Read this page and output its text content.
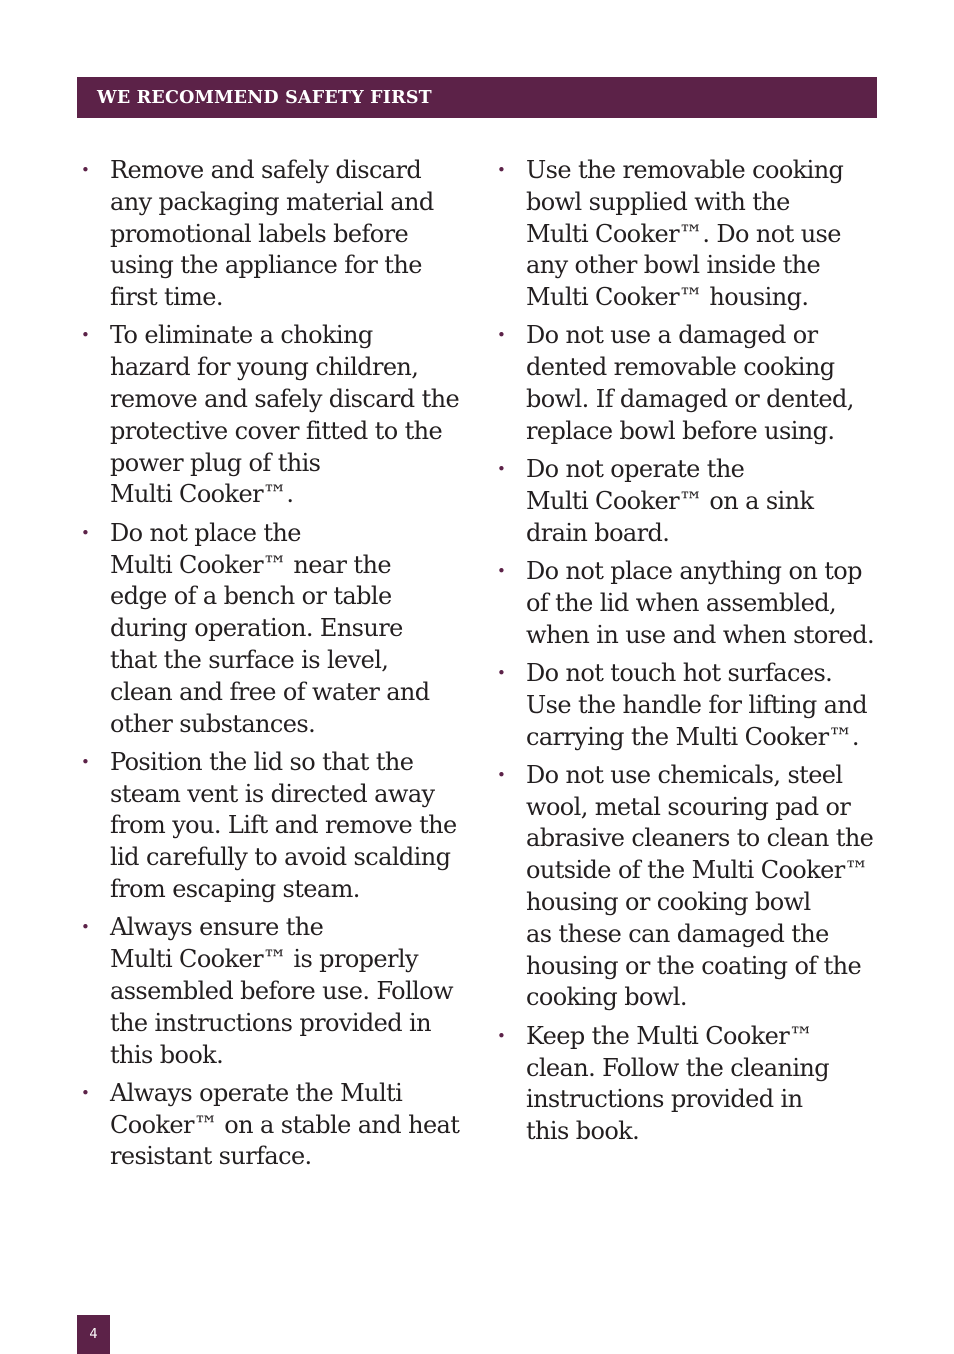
WE RECOMMEND SAFETY FIRST
• Remove and safely discard
any packaging material and
promotional labels before
using the appliance for the
first time.
• To eliminate a choking
hazard for young children,
remove and safely discard the
protective cover fitted to the
power plug of this
Multi Cooker™.
• Do not place the
Multi Cooker™ near the
edge of a bench or table
during operation. Ensure
that the surface is level,
clean and free of water and
other substances.
• Position the lid so that the
steam vent is directed away
from you. Lift and remove the
lid carefully to avoid scalding
from escaping steam.
• Always ensure the
Multi Cooker™ is properly
assembled before use. Follow
the instructions provided in
this book.
• Always operate the Multi
Cooker™ on a stable and heat
resistant surface.
• Use the removable cooking
bowl supplied with the
Multi Cooker™. Do not use
any other bowl inside the
Multi Cooker™ housing.
• Do not use a damaged or
dented removable cooking
bowl. If damaged or dented,
replace bowl before using.
• Do not operate the
Multi Cooker™ on a sink
drain board.
• Do not place anything on top
of the lid when assembled,
when in use and when stored.
• Do not touch hot surfaces.
Use the handle for lifting and
carrying the Multi Cooker™.
• Do not use chemicals, steel
wool, metal scouring pad or
abrasive cleaners to clean the
outside of the Multi Cooker™
housing or cooking bowl
as these can damaged the
housing or the coating of the
cooking bowl.
• Keep the Multi Cooker™
clean. Follow the cleaning
instructions provided in
this book.
4
